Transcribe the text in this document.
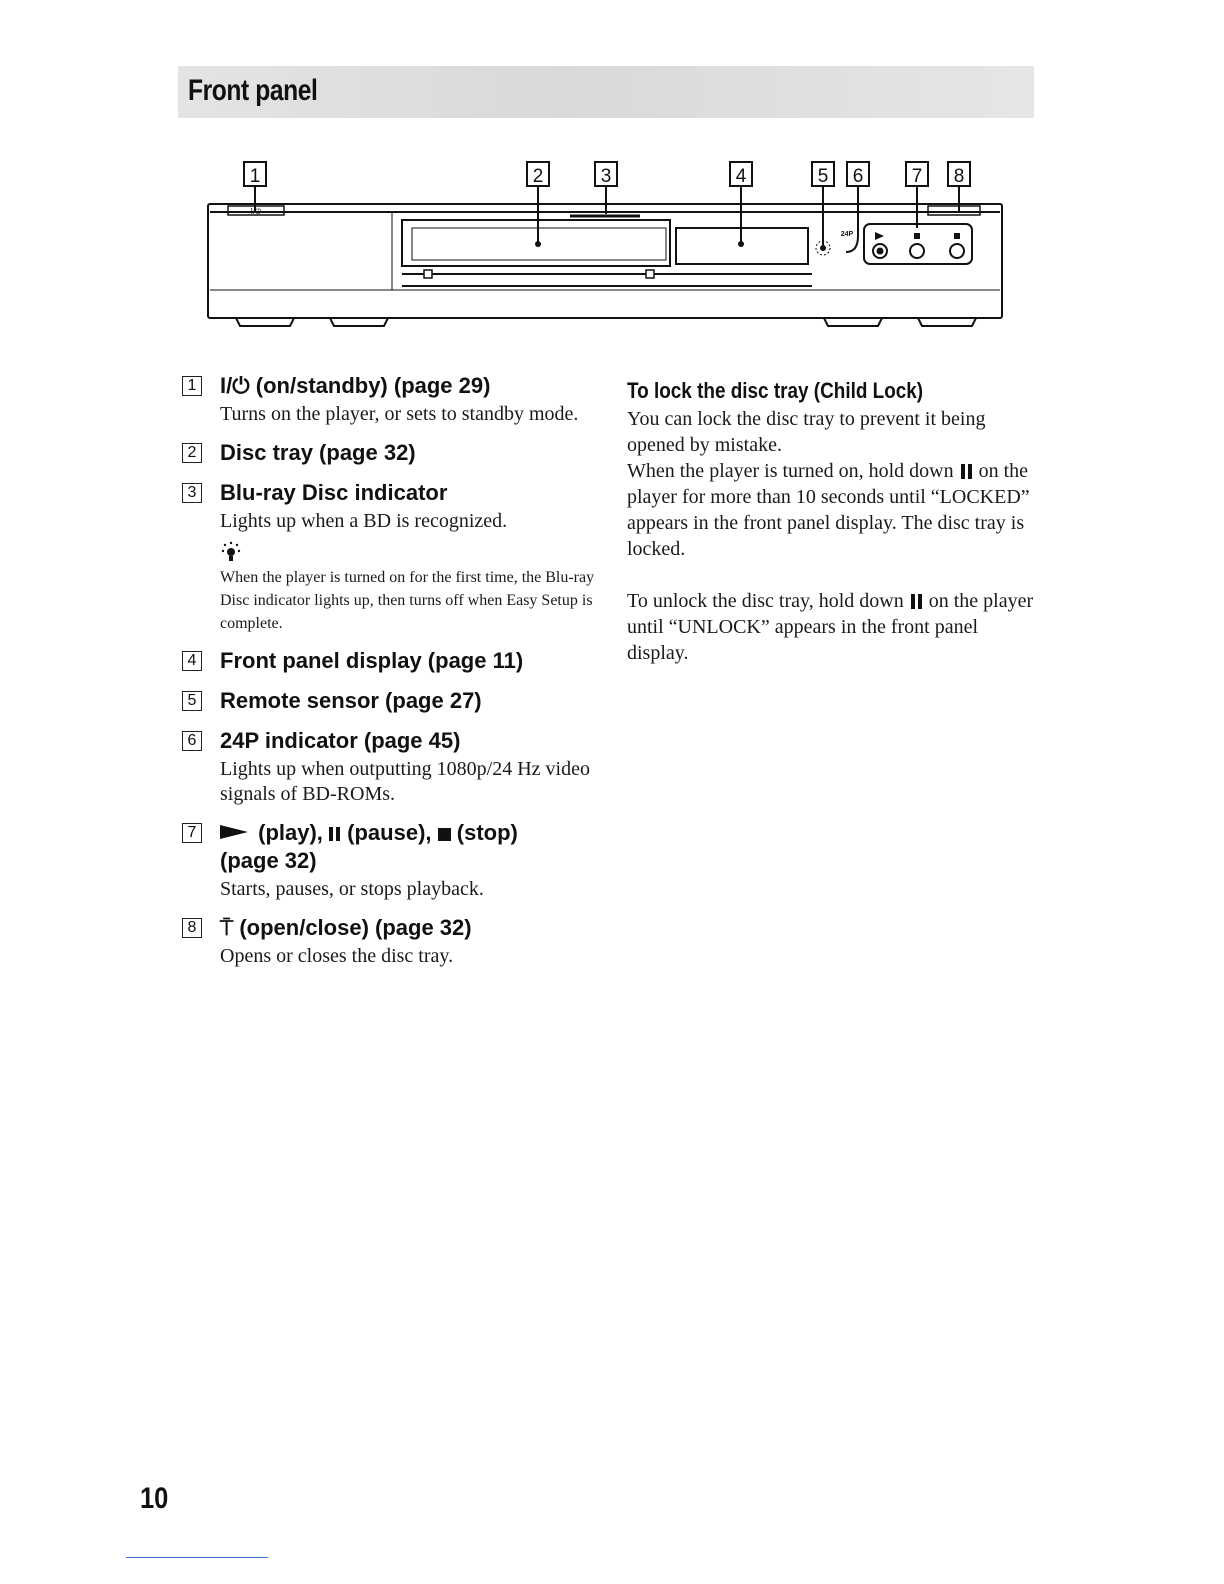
Front panel
1	2	3	4	5 6	7 8
I/⏻
24P
1 I/⏻ (on/standby) (page 29)
Turns on the player, or sets to standby mode.
2 Disc tray (page 32)
3 Blu-ray Disc indicator
Lights up when a BD is recognized.
When the player is turned on for the first time, the Blu-ray Disc indicator lights up, then turns off when Easy Setup is complete.
4 Front panel display (page 11)
5 Remote sensor (page 27)
6 24P indicator (page 45)
Lights up when outputting 1080p/24 Hz video signals of BD-ROMs.
7	(play), (pause), (stop)
(page 32)
Starts, pauses, or stops playback.
8 ⍑ (open/close) (page 32)
Opens or closes the disc tray.
To lock the disc tray (Child Lock)
You can lock the disc tray to prevent it being opened by mistake.
When the player is turned on, hold down on the player for more than 10 seconds until “LOCKED” appears in the front panel display. The disc tray is locked.
To unlock the disc tray, hold down on the player until “UNLOCK” appears in the front panel display.
10
